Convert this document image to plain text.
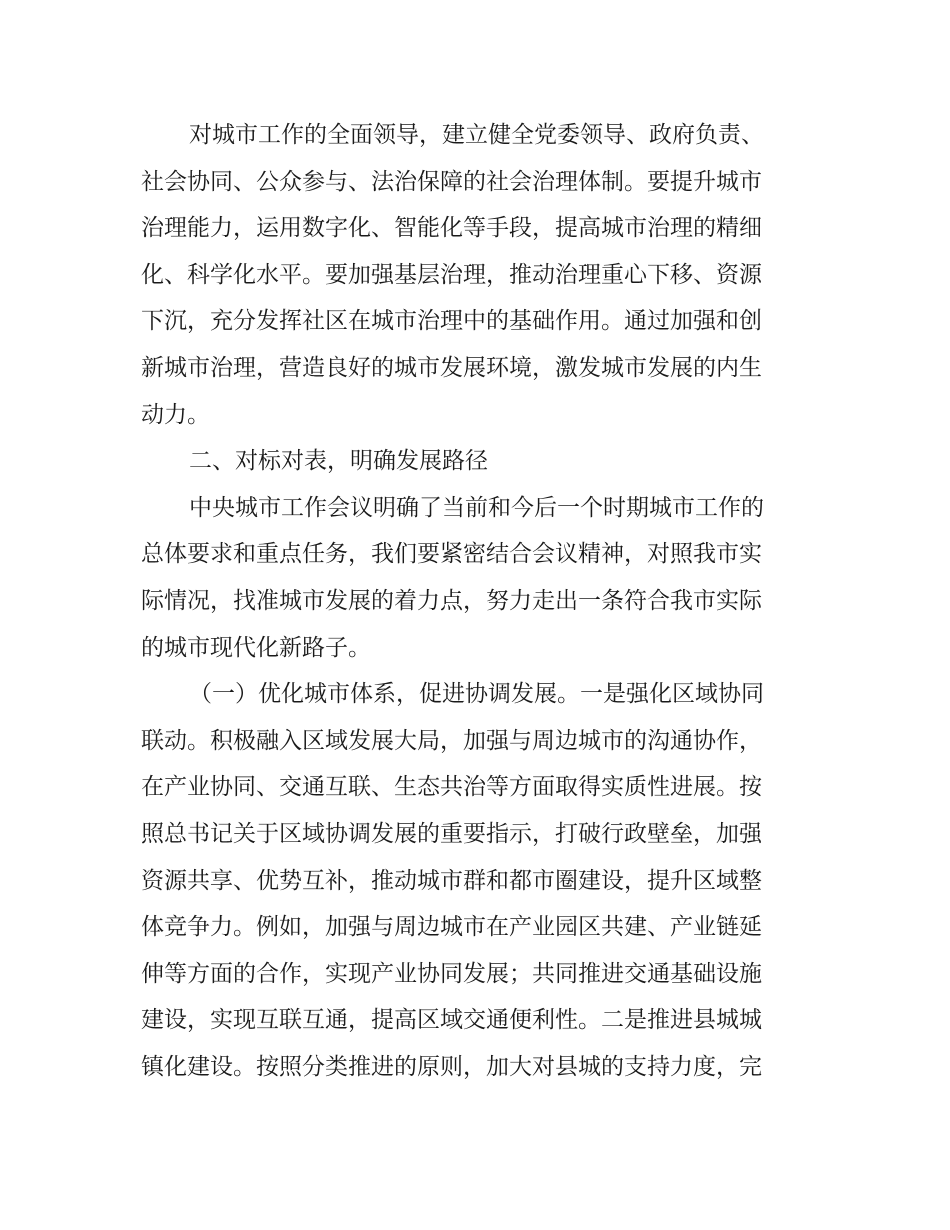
对城市工作的全面领导，建立健全党委领导、政府负责、
社会协同、公众参与、法治保障的社会治理体制。要提升城市
治理能力，运用数字化、智能化等手段，提高城市治理的精细
化、科学化水平。要加强基层治理，推动治理重心下移、资源
下沉，充分发挥社区在城市治理中的基础作用。通过加强和创
新城市治理，营造良好的城市发展环境，激发城市发展的内生
动力。
二、对标对表，明确发展路径
中央城市工作会议明确了当前和今后一个时期城市工作的
总体要求和重点任务，我们要紧密结合会议精神，对照我市实
际情况，找准城市发展的着力点，努力走出一条符合我市实际
的城市现代化新路子。
（一）优化城市体系，促进协调发展。一是强化区域协同
联动。积极融入区域发展大局，加强与周边城市的沟通协作，
在产业协同、交通互联、生态共治等方面取得实质性进展。按
照总书记关于区域协调发展的重要指示，打破行政壁垒，加强
资源共享、优势互补，推动城市群和都市圈建设，提升区域整
体竞争力。例如，加强与周边城市在产业园区共建、产业链延
伸等方面的合作，实现产业协同发展；共同推进交通基础设施
建设，实现互联互通，提高区域交通便利性。二是推进县城城
镇化建设。按照分类推进的原则，加大对县城的支持力度，完
